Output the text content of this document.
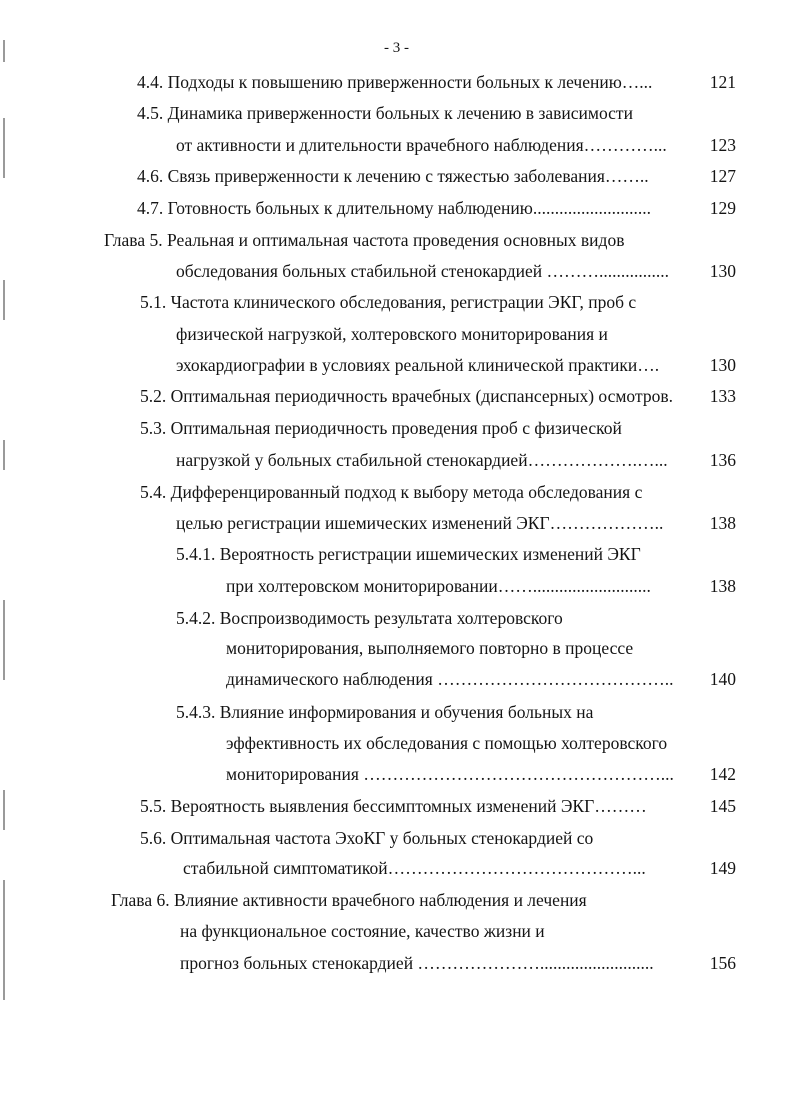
- 3 -
4.4. Подходы к повышению приверженности больных к лечению…...	121
4.5. Динамика приверженности больных к лечению в зависимости
от активности и длительности врачебного наблюдения…………...	123
4.6. Связь приверженности к лечению с тяжестью заболевания……..	127
4.7. Готовность больных к длительному наблюдению...........................	129
Глава 5. Реальная и оптимальная частота проведения основных видов
обследования больных стабильной стенокардией ………................	130
5.1. Частота клинического обследования, регистрации ЭКГ, проб с
физической нагрузкой, холтеровского мониторирования и
эхокардиографии в условиях реальной клинической практики….	130
5.2. Оптимальная периодичность врачебных (диспансерных) осмотров.	133
5.3. Оптимальная периодичность проведения проб с физической
нагрузкой у больных стабильной стенокардией……………….…...	136
5.4. Дифференцированный подход к выбору метода обследования с
целью регистрации ишемических изменений ЭКГ………………..	138
5.4.1. Вероятность регистрации ишемических изменений ЭКГ
при холтеровском мониторировании……...........................	138
5.4.2. Воспроизводимость результата холтеровского
мониторирования, выполняемого повторно в процессе
динамического наблюдения …………………………………..	140
5.4.3. Влияние информирования и обучения больных на
эффективность их обследования с помощью холтеровского
мониторирования ……………………………………………...	142
5.5. Вероятность выявления бессимптомных изменений ЭКГ………	145
5.6. Оптимальная частота ЭхоКГ у больных стенокардией со
стабильной симптоматикой……………………………………...	149
Глава 6. Влияние активности врачебного наблюдения и лечения
на функциональное состояние, качество жизни и
прогноз больных стенокардией …………………..........................	156
